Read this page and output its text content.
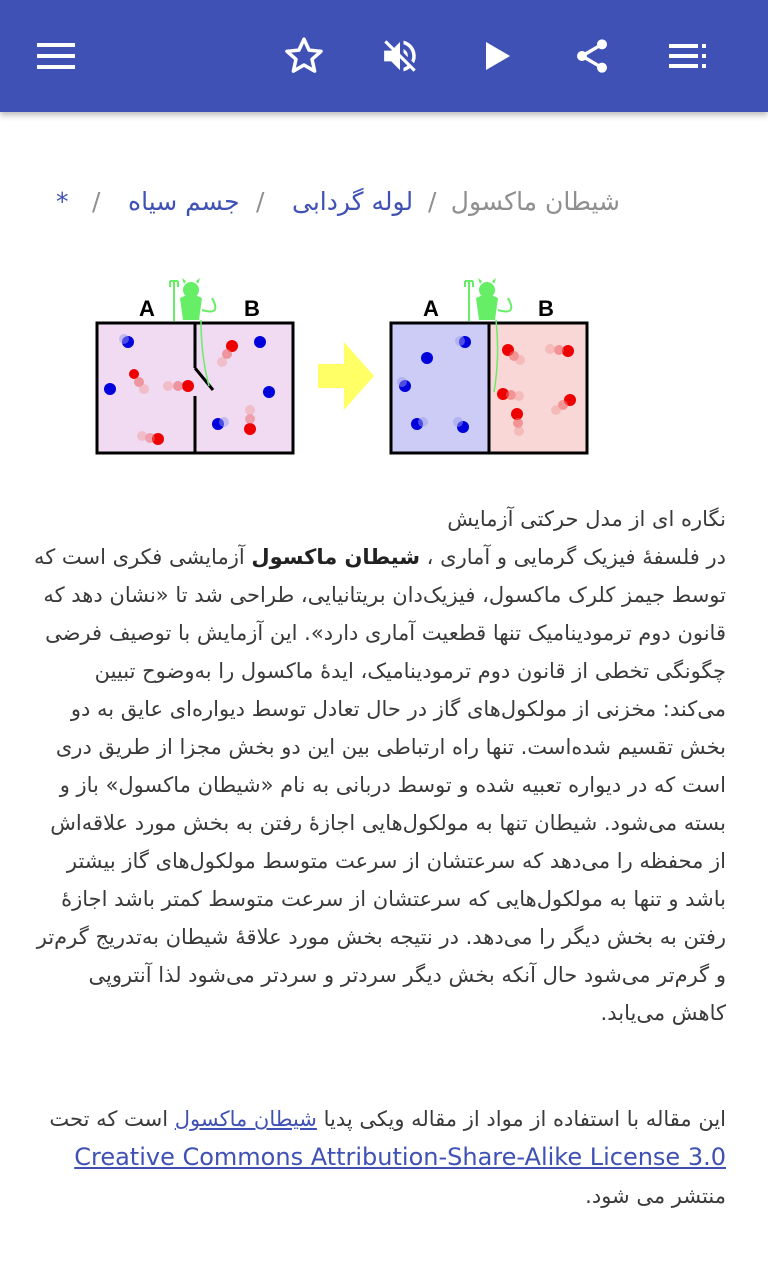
شیطان ماکسول
/
لوله گردابی
/
جسم سیاه
/
*
A	B	A	B
نگاره ای از مدل حرکتی آزمایش
در فلسفهٔ فیزیک گرمایی و آماری ، شیطان ماکسول آزمایشی فکری است که توسط جیمز کلرک ماکسول، فیزیک‌دان بریتانیایی، طراحی شد تا «نشان دهد که قانون دوم ترمودینامیک تنها قطعیت آماری دارد». این آزمایش با توصیف فرضی چگونگی تخطی از قانون دوم ترمودینامیک، ایدهٔ ماکسول را به‌وضوح تبیین می‌کند: مخزنی از مولکول‌های گاز در حال تعادل توسط دیواره‌ای عایق به دو بخش تقسیم شده‌است. تنها راه ارتباطی بین این دو بخش مجزا از طریق دری است که در دیواره تعبیه شده و توسط دربانی به نام «شیطان ماکسول» باز و بسته می‌شود. شیطان تنها به مولکول‌هایی اجازهٔ رفتن به بخش مورد علاقه‌اش از محفظه را می‌دهد که سرعتشان از سرعت متوسط مولکول‌های گاز بیشتر باشد و تنها به مولکول‌هایی که سرعتشان از سرعت متوسط کمتر باشد اجازهٔ رفتن به بخش دیگر را می‌دهد. در نتیجه بخش مورد علاقهٔ شیطان به‌تدریج گرم‌تر و گرم‌تر می‌شود حال آنکه بخش دیگر سردتر و سردتر می‌شود لذا آنتروپی کاهش می‌یابد.
این مقاله با استفاده از مواد از مقاله ویکی پدیا شیطان ماکسول است که تحت Creative Commons Attribution-Share-Alike License 3.0 منتشر می شود.
